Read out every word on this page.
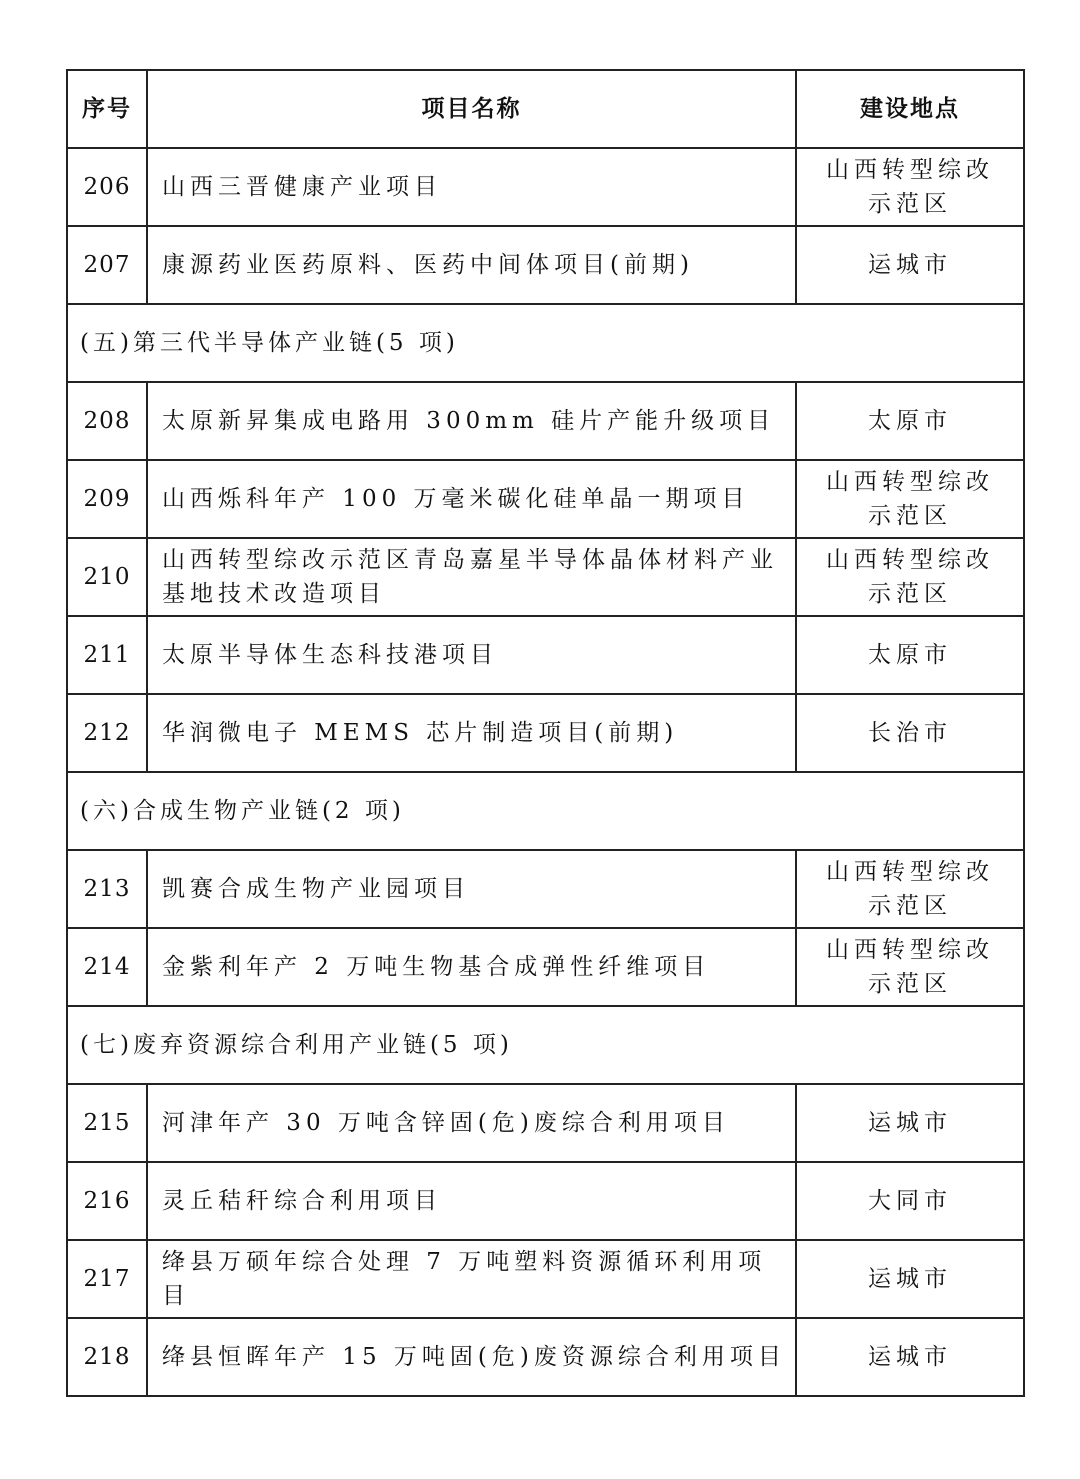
序号	项目名称	建设地点
206	山西三晋健康产业项目	山西转型综改示范区
207	康源药业医药原料、医药中间体项目(前期)	运城市
(五)第三代半导体产业链(5 项)		
208	太原新昇集成电路用 300mm 硅片产能升级项目	太原市
209	山西烁科年产 100 万毫米碳化硅单晶一期项目	山西转型综改示范区
210	山西转型综改示范区青岛嘉星半导体晶体材料产业基地技术改造项目	山西转型综改示范区
211	太原半导体生态科技港项目	太原市
212	华润微电子 MEMS 芯片制造项目(前期)	长治市
(六)合成生物产业链(2 项)		
213	凯赛合成生物产业园项目	山西转型综改示范区
214	金紫利年产 2 万吨生物基合成弹性纤维项目	山西转型综改示范区
(七)废弃资源综合利用产业链(5 项)		
215	河津年产 30 万吨含锌固(危)废综合利用项目	运城市
216	灵丘秸秆综合利用项目	大同市
217	绛县万硕年综合处理 7 万吨塑料资源循环利用项目	运城市
218	绛县恒晖年产 15 万吨固(危)废资源综合利用项目	运城市
